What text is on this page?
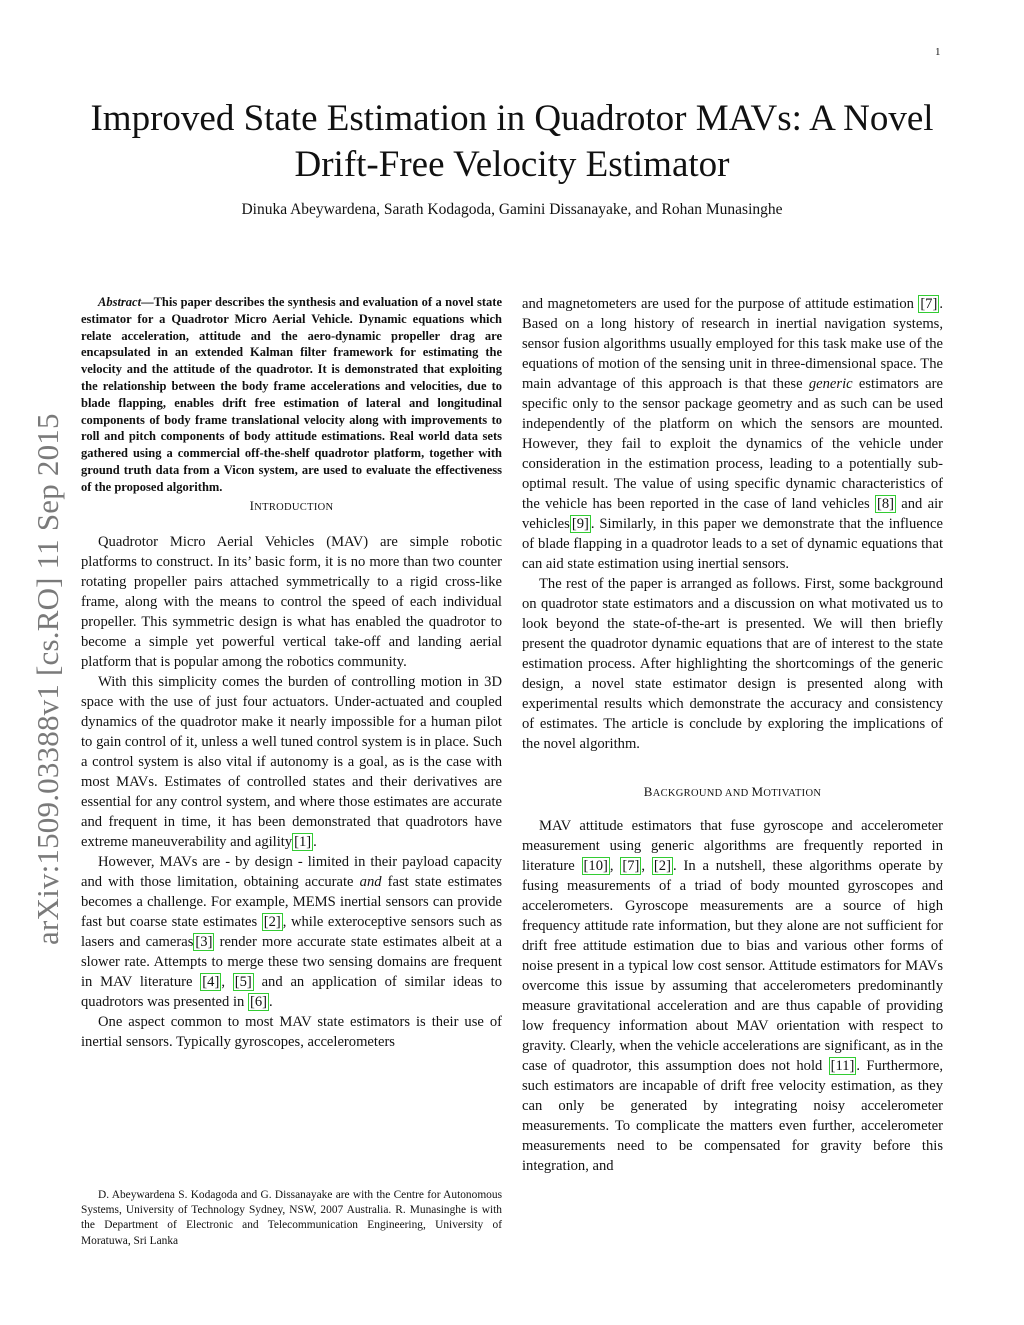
1
arXiv:1509.03388v1 [cs.RO] 11 Sep 2015
Improved State Estimation in Quadrotor MAVs: A Novel Drift-Free Velocity Estimator
Dinuka Abeywardena, Sarath Kodagoda, Gamini Dissanayake, and Rohan Munasinghe

Abstract—This paper describes the synthesis and evaluation of a novel state estimator for a Quadrotor Micro Aerial Vehicle. Dynamic equations which relate acceleration, attitude and the aero-dynamic propeller drag are encapsulated in an extended Kalman filter framework for estimating the velocity and the attitude of the quadrotor. It is demonstrated that exploiting the relationship between the body frame accelerations and velocities, due to blade flapping, enables drift free estimation of lateral and longitudinal components of body frame translational velocity along with improvements to roll and pitch components of body attitude estimations. Real world data sets gathered using a commercial off-the-shelf quadrotor platform, together with ground truth data from a Vicon system, are used to evaluate the effectiveness of the proposed algorithm.

INTRODUCTION

Quadrotor Micro Aerial Vehicles (MAV) are simple robotic platforms to construct. In its’ basic form, it is no more than two counter rotating propeller pairs attached symmetrically to a rigid cross-like frame, along with the means to control the speed of each individual propeller. This symmetric design is what has enabled the quadrotor to become a simple yet powerful vertical take-off and landing aerial platform that is popular among the robotics community.

With this simplicity comes the burden of controlling motion in 3D space with the use of just four actuators. Under-actuated and coupled dynamics of the quadrotor make it nearly impossible for a human pilot to gain control of it, unless a well tuned control system is in place. Such a control system is also vital if autonomy is a goal, as is the case with most MAVs. Estimates of controlled states and their derivatives are essential for any control system, and where those estimates are accurate and frequent in time, it has been demonstrated that quadrotors have extreme maneuverability and agility [1] .

However, MAVs are - by design - limited in their payload capacity and with those limitation, obtaining accurate and fast state estimates becomes a challenge. For example, MEMS inertial sensors can provide fast but coarse state estimates [2] , while exteroceptive sensors such as lasers and cameras [3] render more accurate state estimates albeit at a slower rate. Attempts to merge these two sensing domains are frequent in MAV literature [4] , [5] and an application of similar ideas to quadrotors was presented in [6] .

One aspect common to most MAV state estimators is their use of inertial sensors. Typically gyroscopes, accelerometers

D. Abeywardena S. Kodagoda and G. Dissanayake are with the Centre for Autonomous Systems, University of Technology Sydney, NSW, 2007 Australia. R. Munasinghe is with the Department of Electronic and Telecommunication Engineering, University of Moratuwa, Sri Lanka

and magnetometers are used for the purpose of attitude estimation [7] . Based on a long history of research in inertial navigation systems, sensor fusion algorithms usually employed for this task make use of the equations of motion of the sensing unit in three-dimensional space. The main advantage of this approach is that these generic estimators are specific only to the sensor package geometry and as such can be used independently of the platform on which the sensors are mounted. However, they fail to exploit the dynamics of the vehicle under consideration in the estimation process, leading to a potentially sub-optimal result. The value of using specific dynamic characteristics of the vehicle has been reported in the case of land vehicles [8] and air vehicles [9] . Similarly, in this paper we demonstrate that the influence of blade flapping in a quadrotor leads to a set of dynamic equations that can aid state estimation using inertial sensors.

The rest of the paper is arranged as follows. First, some background on quadrotor state estimators and a discussion on what motivated us to look beyond the state-of-the-art is presented. We will then briefly present the quadrotor dynamic equations that are of interest to the state estimation process. After highlighting the shortcomings of the generic design, a novel state estimator design is presented along with experimental results which demonstrate the accuracy and consistency of estimates. The article is conclude by exploring the implications of the novel algorithm.

BACKGROUND AND MOTIVATION

MAV attitude estimators that fuse gyroscope and accelerometer measurement using generic algorithms are frequently reported in literature [10] , [7] , [2] . In a nutshell, these algorithms operate by fusing measurements of a triad of body mounted gyroscopes and accelerometers. Gyroscope measurements are a source of high frequency attitude rate information, but they alone are not sufficient for drift free attitude estimation due to bias and various other forms of noise present in a typical low cost sensor. Attitude estimators for MAVs overcome this issue by assuming that accelerometers predominantly measure gravitational acceleration and are thus capable of providing low frequency information about MAV orientation with respect to gravity. Clearly, when the vehicle accelerations are significant, as in the case of quadrotor, this assumption does not hold [11] . Furthermore, such estimators are incapable of drift free velocity estimation, as they can only be generated by integrating noisy accelerometer measurements. To complicate the matters even further, accelerometer measurements need to be compensated for gravity before this integration, and
